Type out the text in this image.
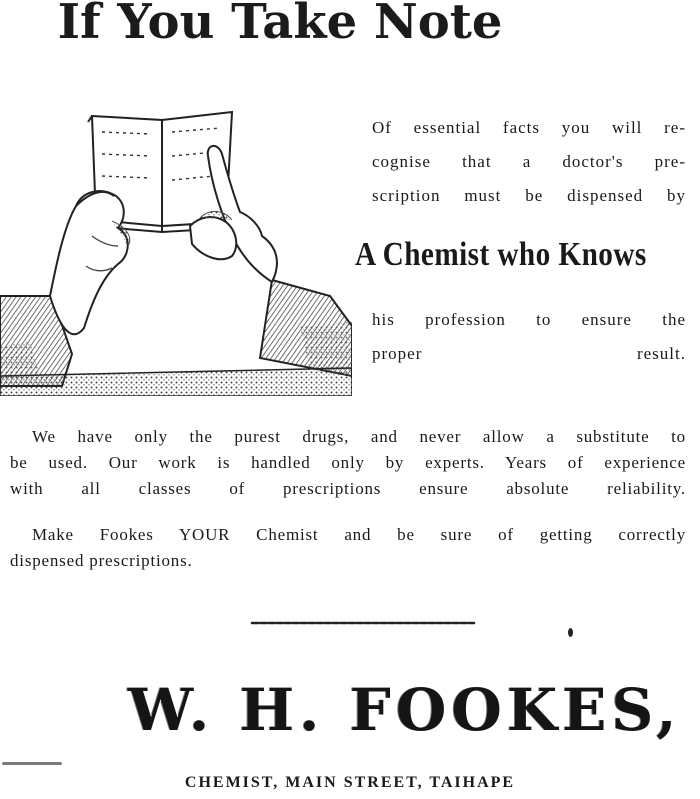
If You Take Note
Of essential facts you will re-
cognise that a doctor's pre-
scription must be dispensed by
A Chemist who Knows
his profession to ensure the
proper result.
We have only the purest drugs, and never allow a substitute to
be used. Our work is handled only by experts. Years of experience
with all classes of prescriptions ensure absolute reliability.
Make Fookes YOUR Chemist and be sure of getting correctly
dispensed prescriptions.
W. H. FOOKES,
CHEMIST, MAIN STREET, TAIHAPE
